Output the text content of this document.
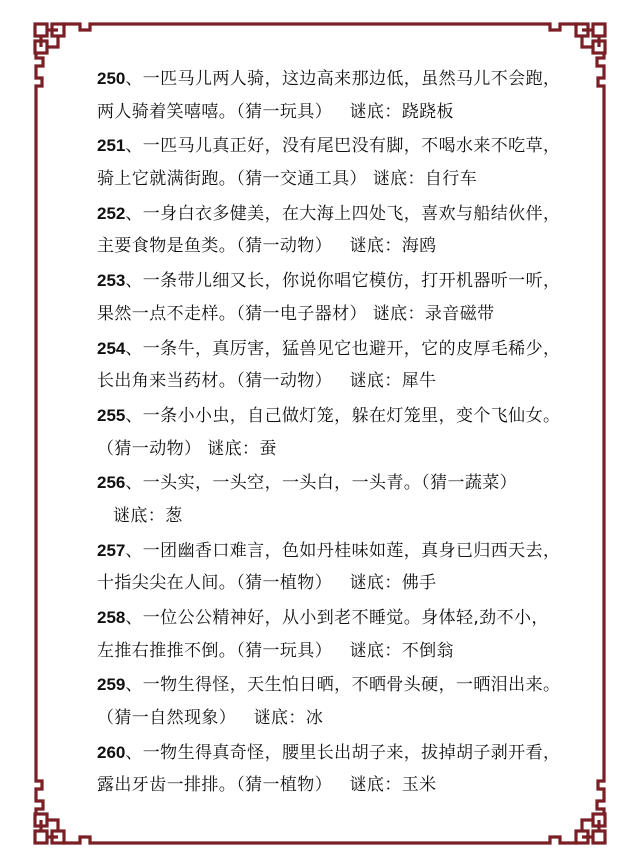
250、一匹马儿两人骑，这边高来那边低，虽然马儿不会跑，
两人骑着笑嘻嘻。（猜一玩具）   谜底：跷跷板
251、一匹马儿真正好，没有尾巴没有脚，不喝水来不吃草，
骑上它就满街跑。（猜一交通工具） 谜底：自行车
252、一身白衣多健美，在大海上四处飞，喜欢与船结伙伴，
主要食物是鱼类。（猜一动物）   谜底：海鸥
253、一条带儿细又长，你说你唱它模仿，打开机器听一听，
果然一点不走样。（猜一电子器材） 谜底：录音磁带
254、一条牛，真厉害，猛兽见它也避开，它的皮厚毛稀少，
长出角来当药材。（猜一动物）   谜底：犀牛
255、一条小小虫，自己做灯笼，躲在灯笼里，变个飞仙女。
（猜一动物） 谜底：蚕
256、一头实，一头空，一头白，一头青。（猜一蔬菜）
谜底：葱
257、一团幽香口难言，色如丹桂味如莲，真身已归西天去，
十指尖尖在人间。（猜一植物）   谜底：佛手
258、一位公公精神好，从小到老不睡觉。身体轻,劲不小，
左推右推推不倒。（猜一玩具）   谜底：不倒翁
259、一物生得怪，天生怕日晒，不晒骨头硬，一晒泪出来。
（猜一自然现象）   谜底：冰
260、一物生得真奇怪，腰里长出胡子来，拔掉胡子剥开看，
露出牙齿一排排。（猜一植物）   谜底：玉米
